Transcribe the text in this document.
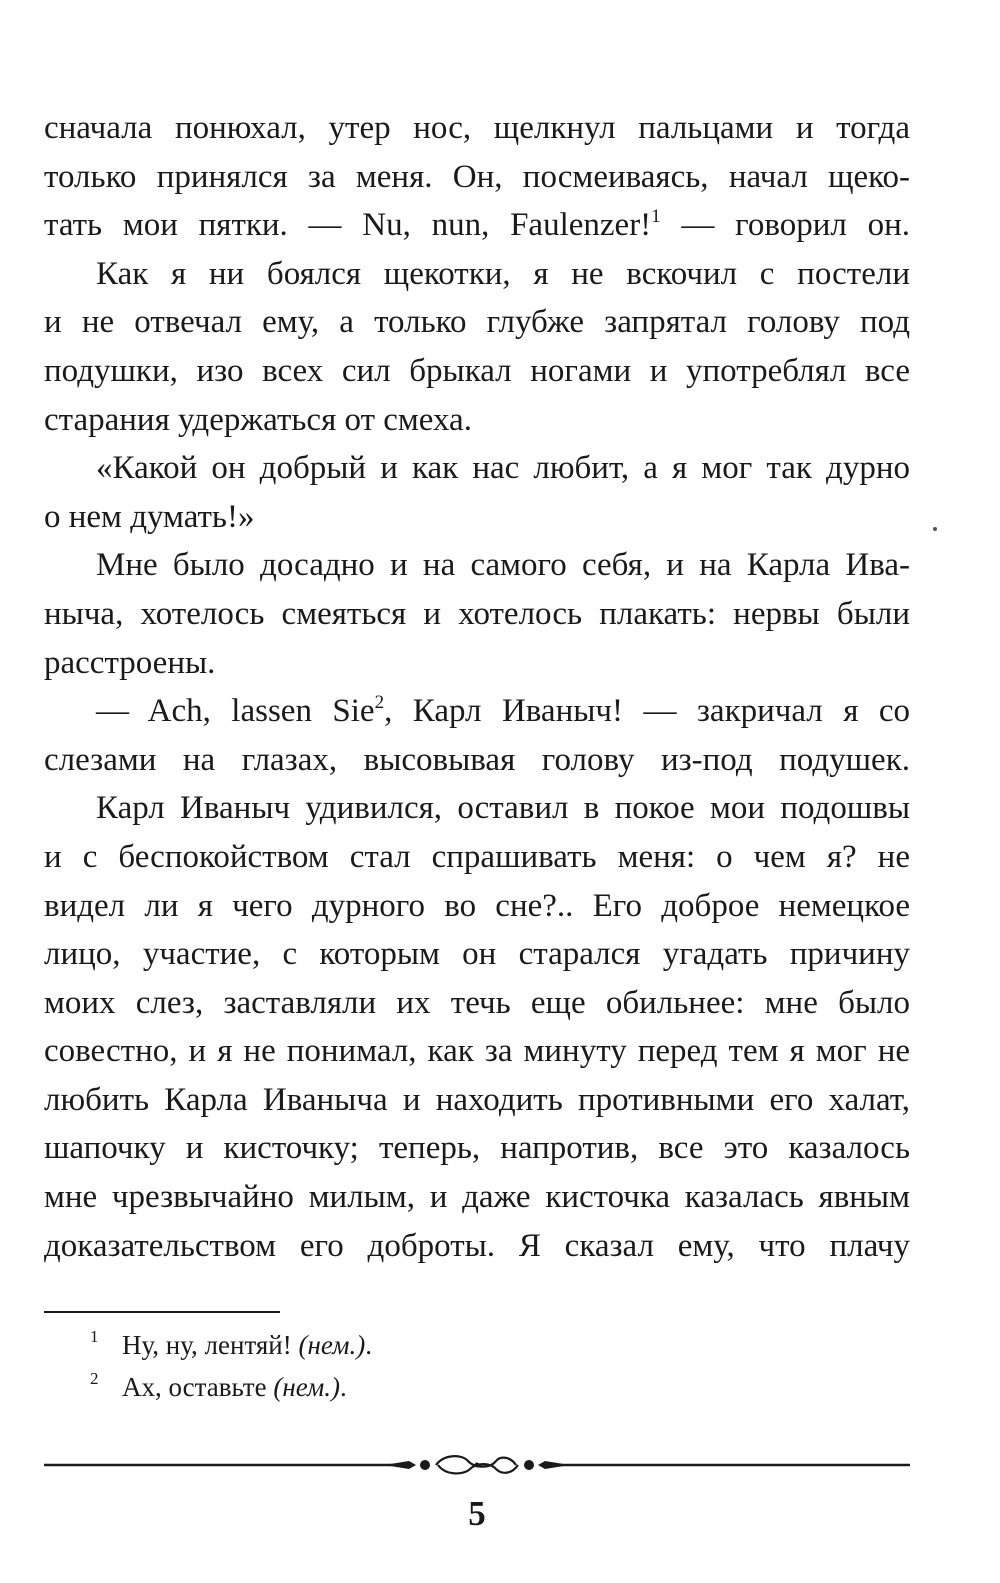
сначала понюхал, утер нос, щелкнул пальцами и тогда
только принялся за меня. Он, посмеиваясь, начал щеко-
тать мои пятки. — Nu, nun, Faulenzer!$^1$ — говорил он.
Как я ни боялся щекотки, я не вскочил с постели
и не отвечал ему, а только глубже запрятал голову под
подушки, изо всех сил брыкал ногами и употреблял все
старания удержаться от смеха.
«Какой он добрый и как нас любит, а я мог так дурно
о нем думать!»
Мне было досадно и на самого себя, и на Карла Ива-
ныча, хотелось смеяться и хотелось плакать: нервы были
расстроены.
— Ach, lassen Sie$^2$, Карл Иваныч! — закричал я со
слезами на глазах, высовывая голову из-под подушек.
Карл Иваныч удивился, оставил в покое мои подошвы
и с беспокойством стал спрашивать меня: о чем я? не
видел ли я чего дурного во сне?.. Его доброе немецкое
лицо, участие, с которым он старался угадать причину
моих слез, заставляли их течь еще обильнее: мне было
совестно, и я не понимал, как за минуту перед тем я мог не
любить Карла Иваныча и находить противными его халат,
шапочку и кисточку; теперь, напротив, все это казалось
мне чрезвычайно милым, и даже кисточка казалась явным
доказательством его доброты. Я сказал ему, что плачу
1 Ну, ну, лентяй! (нем.).
2 Ах, оставьте (нем.).
5
